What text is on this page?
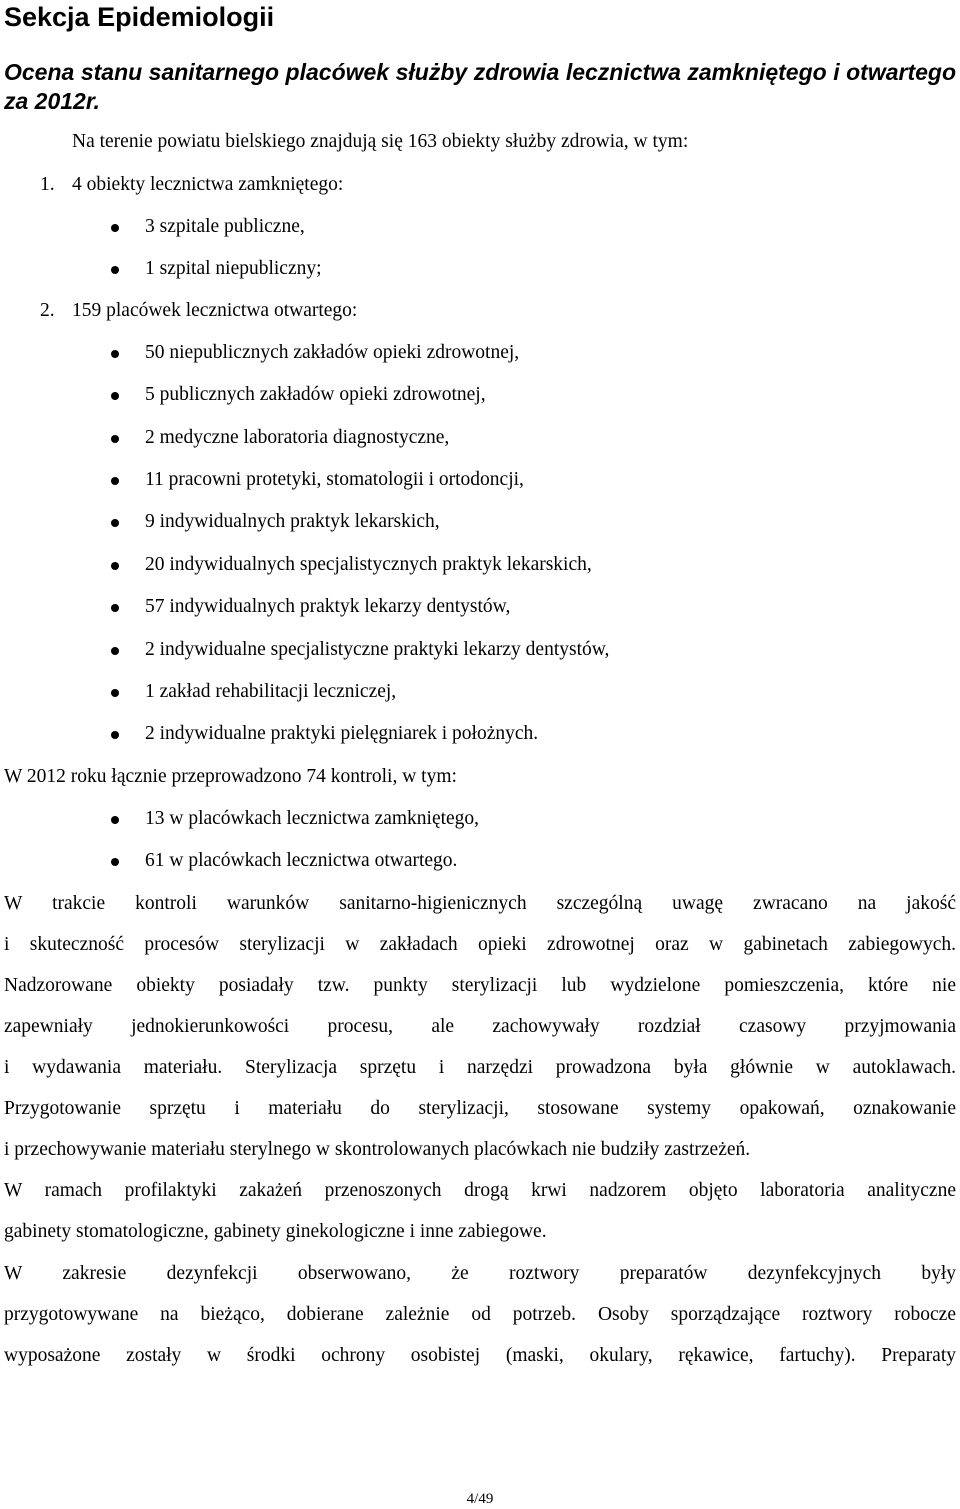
Sekcja Epidemiologii
Ocena stanu sanitarnego placówek służby zdrowia lecznictwa zamkniętego i otwartego za 2012r.
Na terenie powiatu bielskiego znajdują się 163 obiekty służby zdrowia, w tym:
1. 4 obiekty lecznictwa zamkniętego:
3 szpitale publiczne,
1 szpital niepubliczny;
2. 159 placówek lecznictwa otwartego:
50 niepublicznych zakładów opieki zdrowotnej,
5 publicznych zakładów opieki zdrowotnej,
2 medyczne laboratoria diagnostyczne,
11 pracowni protetyki, stomatologii i ortodoncji,
9 indywidualnych praktyk lekarskich,
20 indywidualnych specjalistycznych praktyk lekarskich,
57 indywidualnych praktyk lekarzy dentystów,
2 indywidualne specjalistyczne praktyki lekarzy dentystów,
1 zakład rehabilitacji leczniczej,
2 indywidualne praktyki pielęgniarek i położnych.
W 2012 roku łącznie przeprowadzono 74 kontroli, w tym:
13 w placówkach lecznictwa zamkniętego,
61 w placówkach lecznictwa otwartego.
W trakcie kontroli warunków sanitarno-higienicznych szczególną uwagę zwracano na jakość
i skuteczność procesów sterylizacji w zakładach opieki zdrowotnej oraz w gabinetach zabiegowych.
Nadzorowane obiekty posiadały tzw. punkty sterylizacji lub wydzielone pomieszczenia, które nie
zapewniały jednokierunkowości procesu, ale zachowywały rozdział czasowy przyjmowania
i wydawania materiału. Sterylizacja sprzętu i narzędzi prowadzona była głównie w autoklawach.
Przygotowanie sprzętu i materiału do sterylizacji, stosowane systemy opakowań, oznakowanie
i przechowywanie materiału sterylnego w skontrolowanych placówkach nie budziły zastrzeżeń.
W ramach profilaktyki zakażeń przenoszonych drogą krwi nadzorem objęto laboratoria analityczne
gabinety stomatologiczne, gabinety ginekologiczne i inne zabiegowe.
W zakresie dezynfekcji obserwowano, że roztwory preparatów dezynfekcyjnych były
przygotowywane na bieżąco, dobierane zależnie od potrzeb. Osoby sporządzające roztwory robocze
wyposażone zostały w środki ochrony osobistej (maski, okulary, rękawice, fartuchy). Preparaty
4/49
